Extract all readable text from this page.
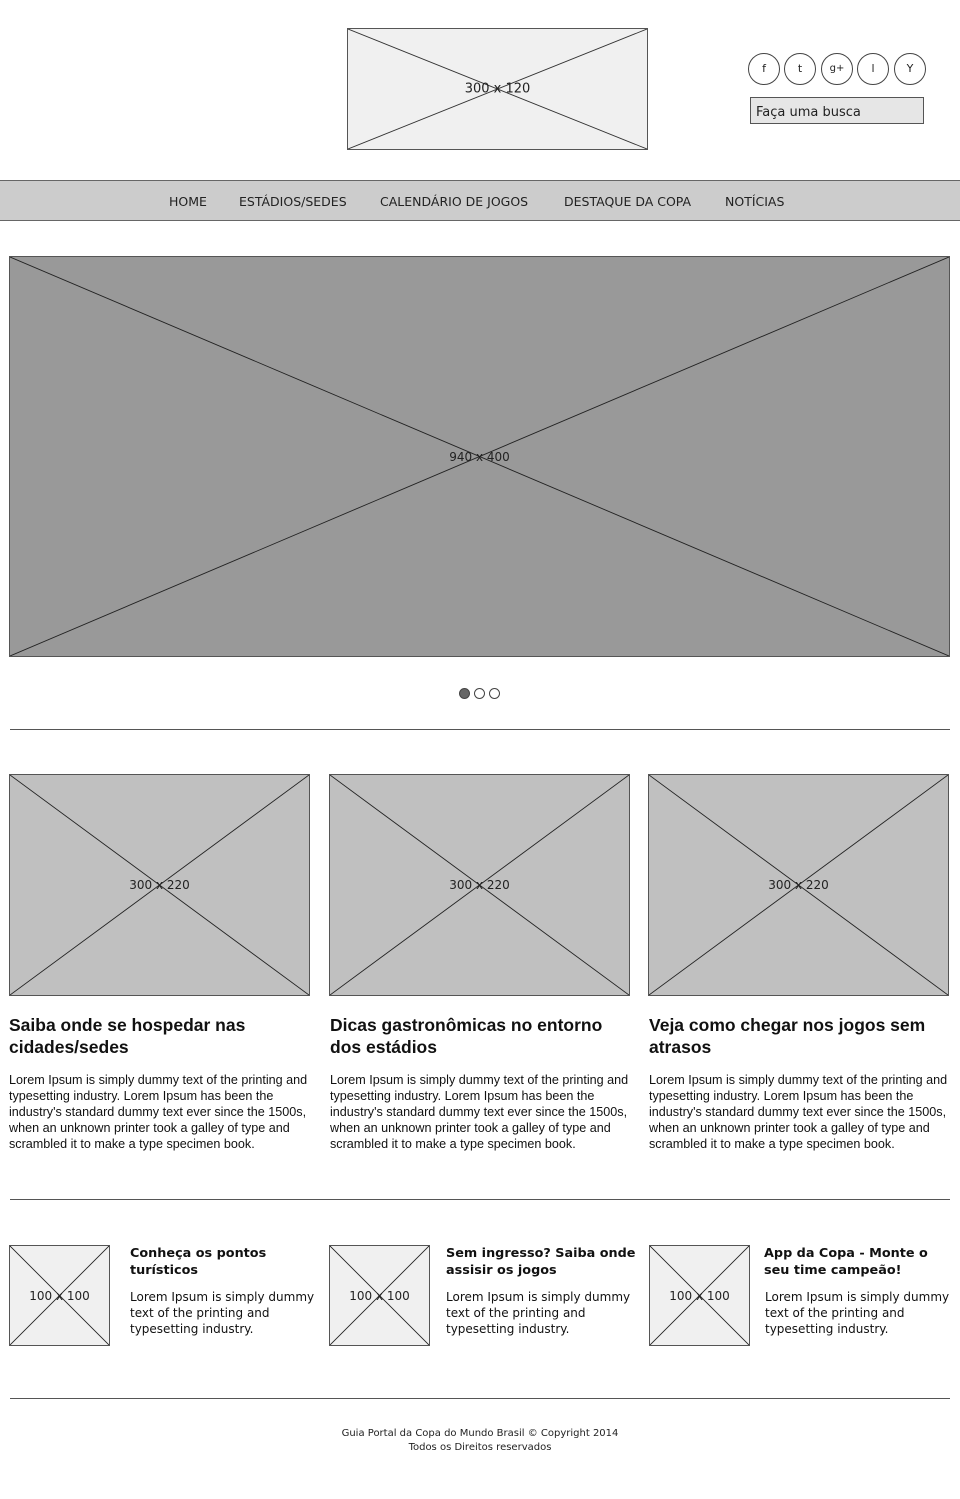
300 x 120
f	t	g+	l	Y
Faça uma busca
HOME	ESTÁDIOS/SEDES	CALENDÁRIO DE JOGOS	DESTAQUE DA COPA	NOTÍCIAS
940 x 400
300 x 220	300 x 220	300 x 220
Saiba onde se hospedar nas cidades/sedes
Dicas gastronômicas no entorno dos estádios
Veja como chegar nos jogos sem atrasos

Lorem Ipsum is simply dummy text of the printing and typesetting industry. Lorem Ipsum has been the industry's standard dummy text ever since the 1500s, when an unknown printer took a galley of type and scrambled it to make a type specimen book.

Lorem Ipsum is simply dummy text of the printing and typesetting industry. Lorem Ipsum has been the industry's standard dummy text ever since the 1500s, when an unknown printer took a galley of type and scrambled it to make a type specimen book.

Lorem Ipsum is simply dummy text of the printing and typesetting industry. Lorem Ipsum has been the industry's standard dummy text ever since the 1500s, when an unknown printer took a galley of type and scrambled it to make a type specimen book.

100 x 100	100 x 100	100 x 100
Conheça os pontos turísticos
Sem ingresso? Saiba onde assisir os jogos
App da Copa - Monte o seu time campeão!

Lorem Ipsum is simply dummy text of the printing and typesetting industry.

Lorem Ipsum is simply dummy text of the printing and typesetting industry.

Lorem Ipsum is simply dummy text of the printing and typesetting industry.

Guia Portal da Copa do Mundo Brasil © Copyright 2014
Todos os Direitos reservados
